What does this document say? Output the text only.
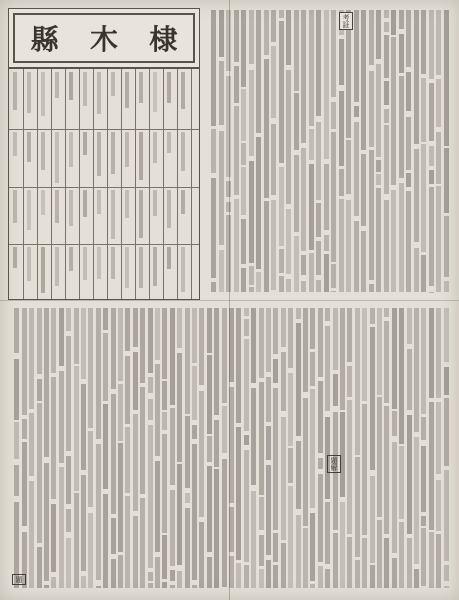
縣 木 棣
考証
